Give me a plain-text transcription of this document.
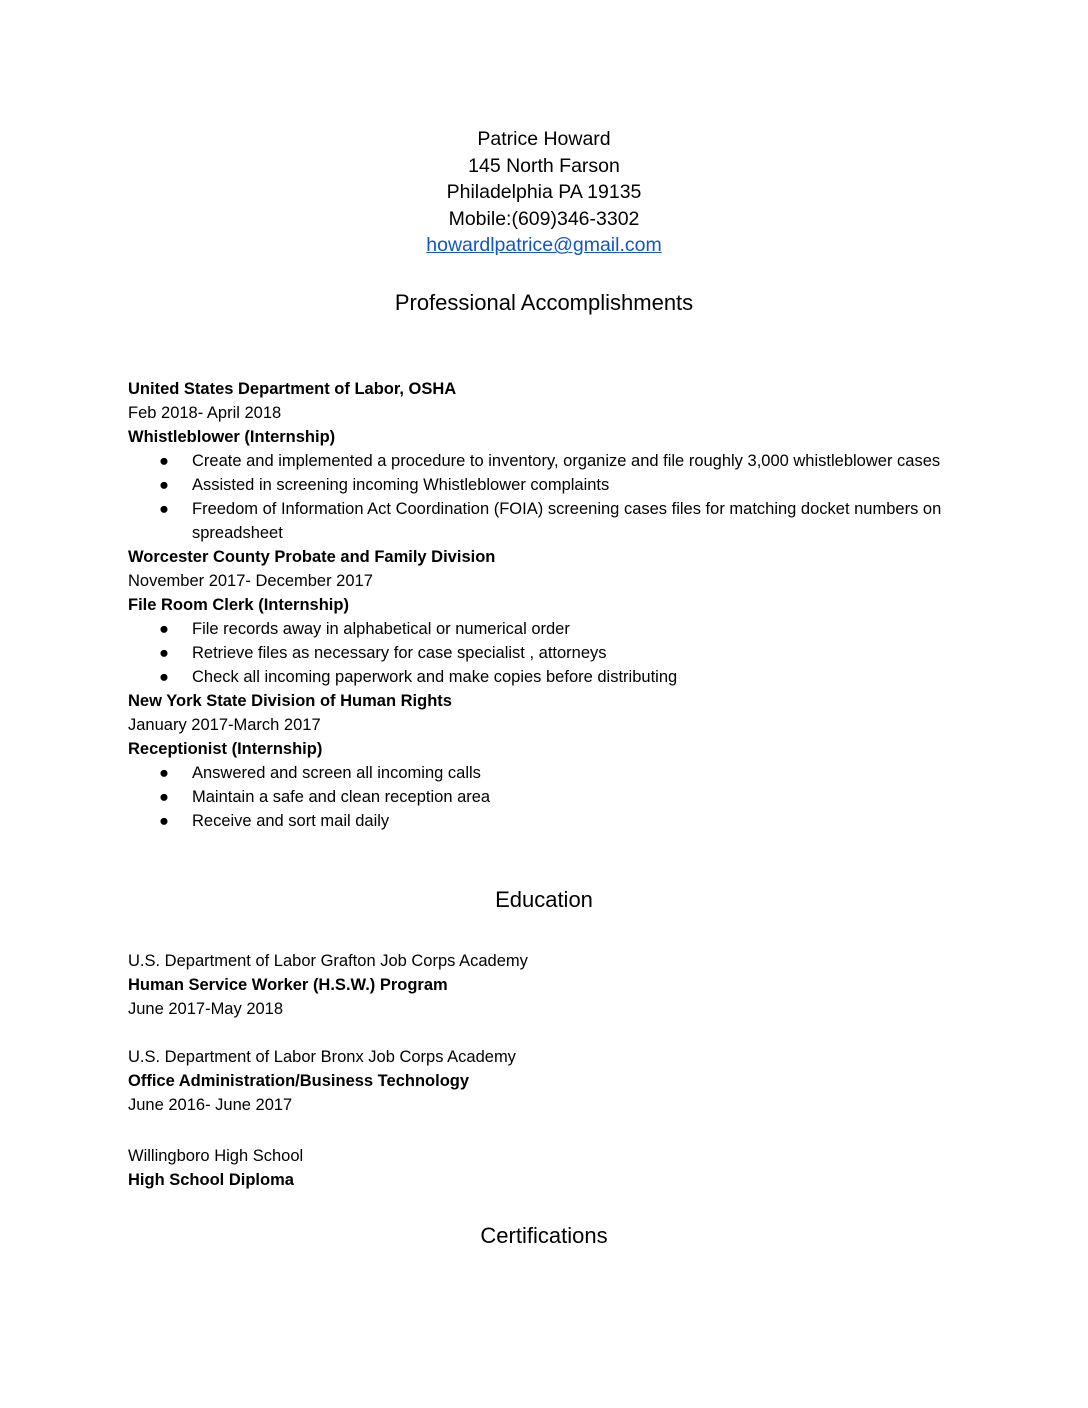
Patrice Howard
145 North Farson
Philadelphia PA 19135
Mobile:(609)346-3302
howardlpatrice@gmail.com
Professional Accomplishments
United States Department of Labor, OSHA
Feb 2018- April 2018
Whistleblower (Internship)
● Create and implemented a procedure to inventory, organize and file roughly 3,000 whistleblower cases
● Assisted in screening incoming Whistleblower complaints
● Freedom of Information Act Coordination (FOIA) screening cases files for matching docket numbers on spreadsheet
Worcester County Probate and Family Division
November 2017- December 2017
File Room Clerk (Internship)
● File records away in alphabetical or numerical order
● Retrieve files as necessary for case specialist , attorneys
● Check all incoming paperwork and make copies before distributing
New York State Division of Human Rights
January 2017-March 2017
Receptionist (Internship)
● Answered and screen all incoming calls
● Maintain a safe and clean reception area
● Receive and sort mail daily
Education
U.S. Department of Labor Grafton Job Corps Academy
Human Service Worker (H.S.W.) Program
June 2017-May 2018
U.S. Department of Labor Bronx Job Corps Academy
Office Administration/Business Technology
June 2016- June 2017
Willingboro High School
High School Diploma
Certifications
